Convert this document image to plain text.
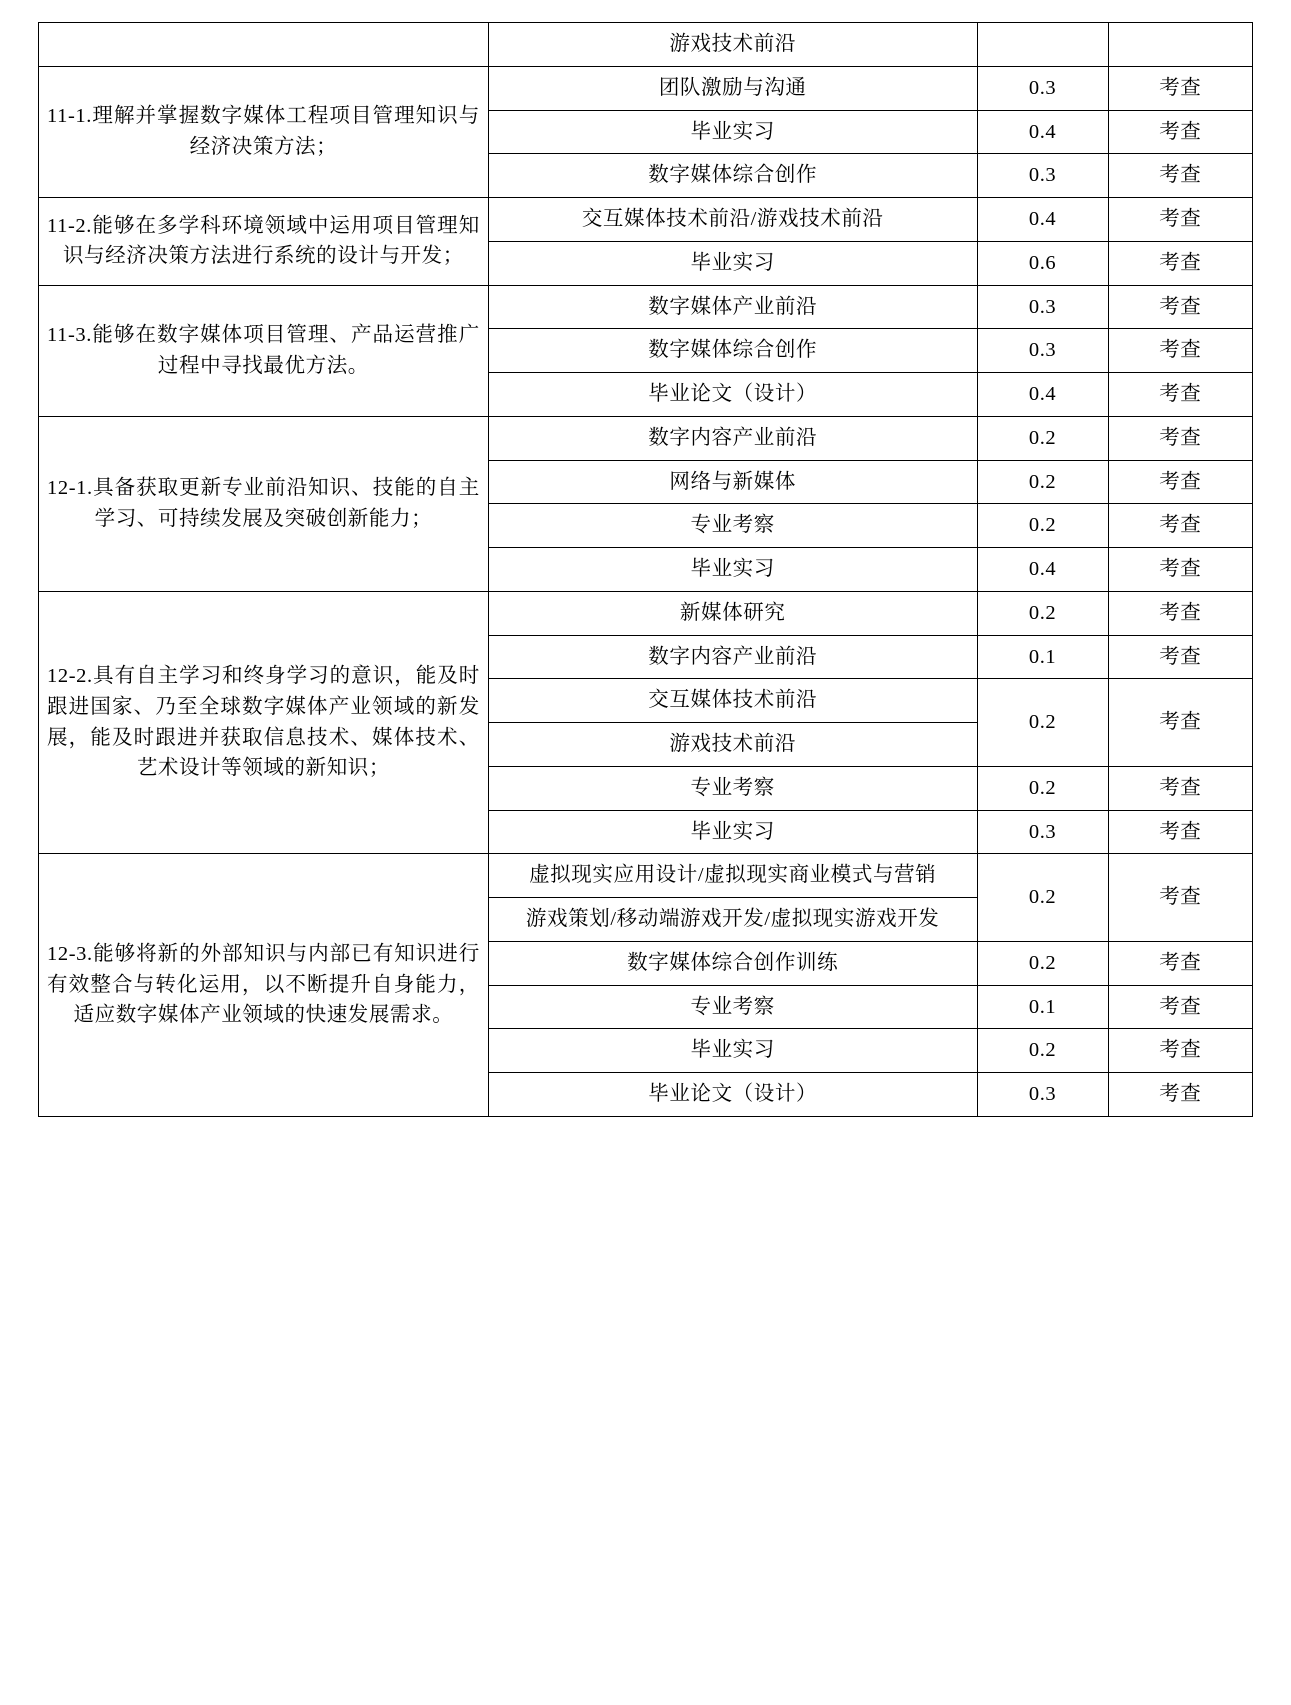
	游戏技术前沿		
11-1.理解并掌握数字媒体工程项目管理知识与经济决策方法；	团队激励与沟通	0.3	考查
	毕业实习	0.4	考查
	数字媒体综合创作	0.3	考查
11-2.能够在多学科环境领域中运用项目管理知识与经济决策方法进行系统的设计与开发；	交互媒体技术前沿/游戏技术前沿	0.4	考查
	毕业实习	0.6	考查
11-3.能够在数字媒体项目管理、产品运营推广过程中寻找最优方法。	数字媒体产业前沿	0.3	考查
	数字媒体综合创作	0.3	考查
	毕业论文（设计）	0.4	考查
12-1.具备获取更新专业前沿知识、技能的自主学习、可持续发展及突破创新能力；	数字内容产业前沿	0.2	考查
	网络与新媒体	0.2	考查
	专业考察	0.2	考查
	毕业实习	0.4	考查
12-2.具有自主学习和终身学习的意识，能及时跟进国家、乃至全球数字媒体产业领域的新发展，能及时跟进并获取信息技术、媒体技术、艺术设计等领域的新知识；	新媒体研究	0.2	考查
	数字内容产业前沿	0.1	考查
	交互媒体技术前沿	0.2	考查
	游戏技术前沿		
	专业考察	0.2	考查
	毕业实习	0.3	考查
12-3.能够将新的外部知识与内部已有知识进行有效整合与转化运用，以不断提升自身能力，适应数字媒体产业领域的快速发展需求。	虚拟现实应用设计/虚拟现实商业模式与营销	0.2	考查
	游戏策划/移动端游戏开发/虚拟现实游戏开发		
	数字媒体综合创作训练	0.2	考查
	专业考察	0.1	考查
	毕业实习	0.2	考查
	毕业论文（设计）	0.3	考查
